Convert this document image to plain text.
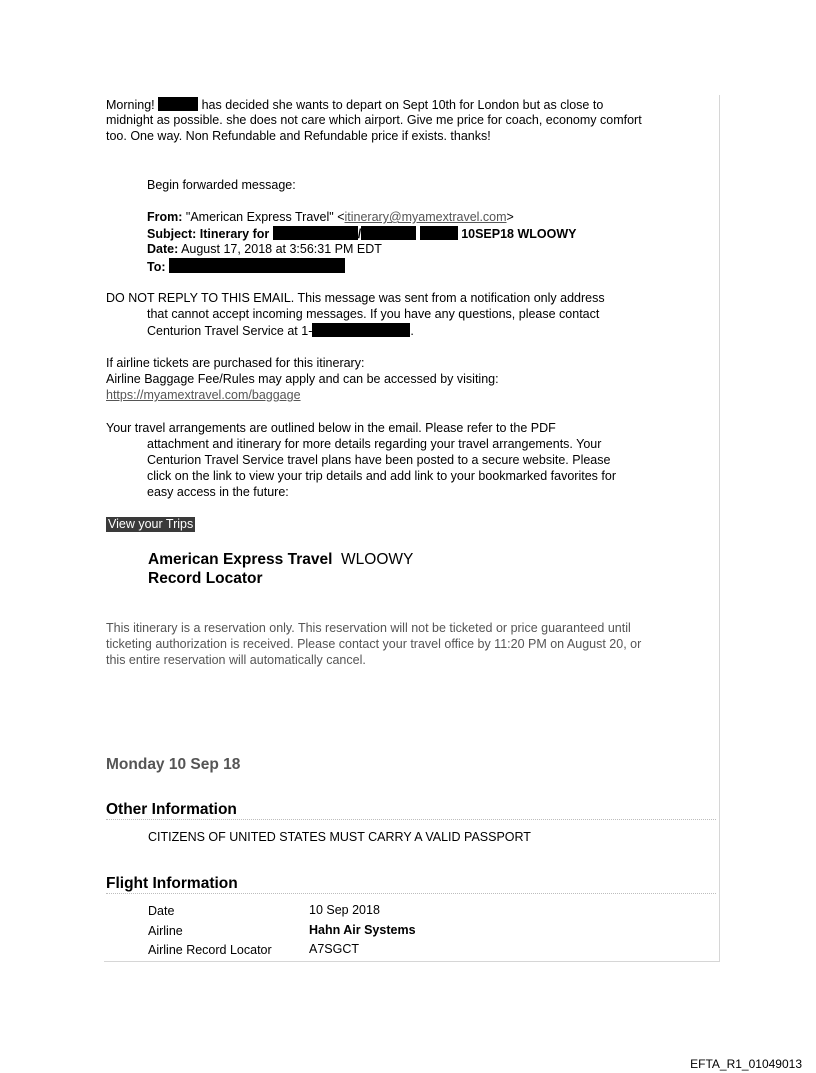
Morning!	has decided she wants to depart on Sept 10th for London but as close to
midnight as possible. she does not care which airport. Give me price for coach, economy comfort
too. One way. Non Refundable and Refundable price if exists. thanks!
Begin forwarded message:
From: "American Express Travel" <itinerary@myamextravel.com>
Subject: Itinerary for	/	10SEP18 WLOOWY
Date: August 17, 2018 at 3:56:31 PM EDT
To:
DO NOT REPLY TO THIS EMAIL. This message was sent from a notification only address
that cannot accept incoming messages. If you have any questions, please contact
Centurion Travel Service at 1-	.
If airline tickets are purchased for this itinerary:
Airline Baggage Fee/Rules may apply and can be accessed by visiting:
https://myamextravel.com/baggage
Your travel arrangements are outlined below in the email. Please refer to the PDF
attachment and itinerary for more details regarding your travel arrangements. Your
Centurion Travel Service travel plans have been posted to a secure website. Please
click on the link to view your trip details and add link to your bookmarked favorites for
easy access in the future:
View your Trips
American Express Travel WLOOWY
Record Locator
This itinerary is a reservation only. This reservation will not be ticketed or price guaranteed until
ticketing authorization is received. Please contact your travel office by 11:20 PM on August 20, or
this entire reservation will automatically cancel.
Monday 10 Sep 18
Other Information
CITIZENS OF UNITED STATES MUST CARRY A VALID PASSPORT
Flight Information
Date	10 Sep 2018
Airline	Hahn Air Systems
Airline Record Locator	A7SGCT
EFTA_R1_01049013
